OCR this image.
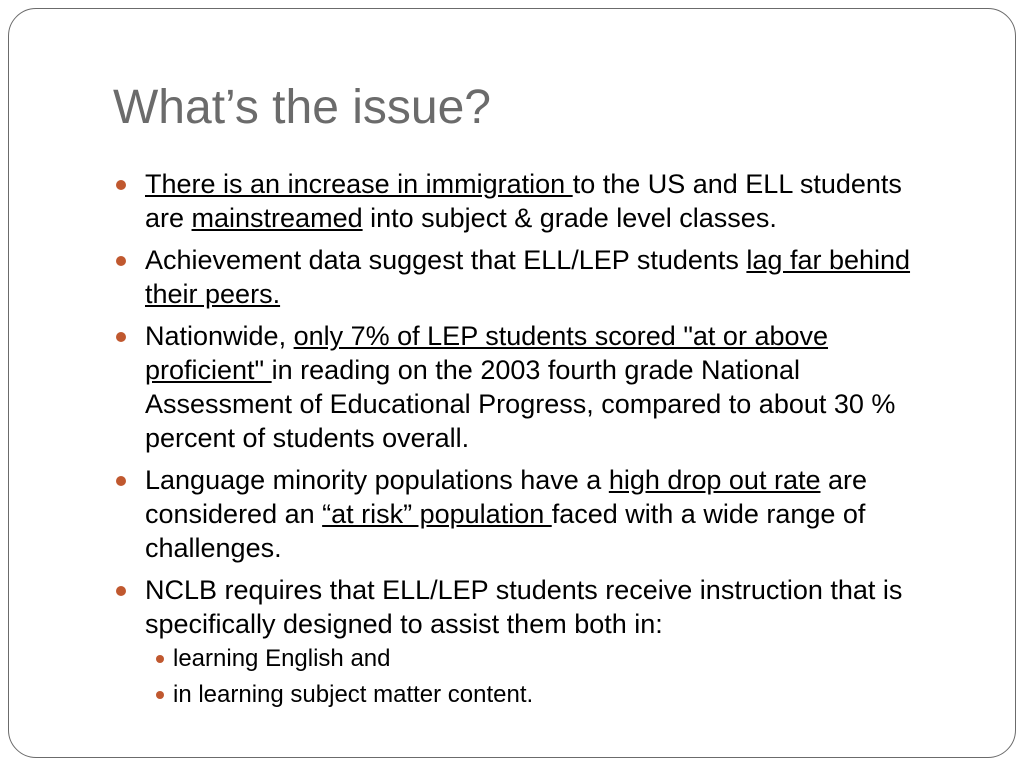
What’s the issue?
There is an increase in immigration to the US and ELL students are mainstreamed into subject & grade level classes.
Achievement data suggest that ELL/LEP students lag far behind their peers.
Nationwide, only 7% of LEP students scored "at or above proficient" in reading on the 2003 fourth grade National Assessment of Educational Progress, compared to about 30 % percent of students overall.
Language minority populations have a high drop out rate are considered an “at risk” population faced with a wide range of challenges.
NCLB requires that ELL/LEP students receive instruction that is specifically designed to assist them both in:
learning English and
in learning subject matter content.
